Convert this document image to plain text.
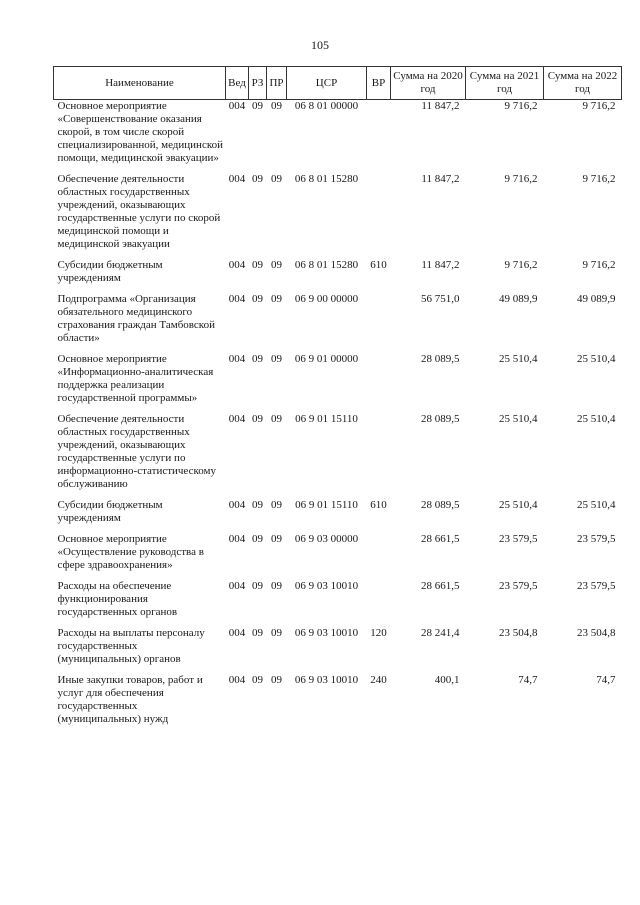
105
Наименование	Вед	РЗ	ПР	ЦСР	ВР	Сумма на 2020 год	Сумма на 2021 год	Сумма на 2022 год
Основное мероприятие «Совершенствование оказания скорой, в том числе скорой специализированной, медицинской помощи, медицинской эвакуации»	004	09	09	06 8 01 00000		11 847,2	9 716,2	9 716,2
Обеспечение деятельности областных государственных учреждений, оказывающих государственные услуги по скорой медицинской помощи и медицинской эвакуации	004	09	09	06 8 01 15280		11 847,2	9 716,2	9 716,2
Субсидии бюджетным учреждениям	004	09	09	06 8 01 15280	610	11 847,2	9 716,2	9 716,2
Подпрограмма «Организация обязательного медицинского страхования граждан Тамбовской области»	004	09	09	06 9 00 00000		56 751,0	49 089,9	49 089,9
Основное мероприятие «Информационно-аналитическая поддержка реализации государственной программы»	004	09	09	06 9 01 00000		28 089,5	25 510,4	25 510,4
Обеспечение деятельности областных государственных учреждений, оказывающих государственные услуги по информационно-статистическому обслуживанию	004	09	09	06 9 01 15110		28 089,5	25 510,4	25 510,4
Субсидии бюджетным учреждениям	004	09	09	06 9 01 15110	610	28 089,5	25 510,4	25 510,4
Основное мероприятие «Осуществление руководства в сфере здравоохранения»	004	09	09	06 9 03 00000		28 661,5	23 579,5	23 579,5
Расходы на обеспечение функционирования государственных органов	004	09	09	06 9 03 10010		28 661,5	23 579,5	23 579,5
Расходы на выплаты персоналу государственных (муниципальных) органов	004	09	09	06 9 03 10010	120	28 241,4	23 504,8	23 504,8
Иные закупки товаров, работ и услуг для обеспечения государственных (муниципальных) нужд	004	09	09	06 9 03 10010	240	400,1	74,7	74,7
